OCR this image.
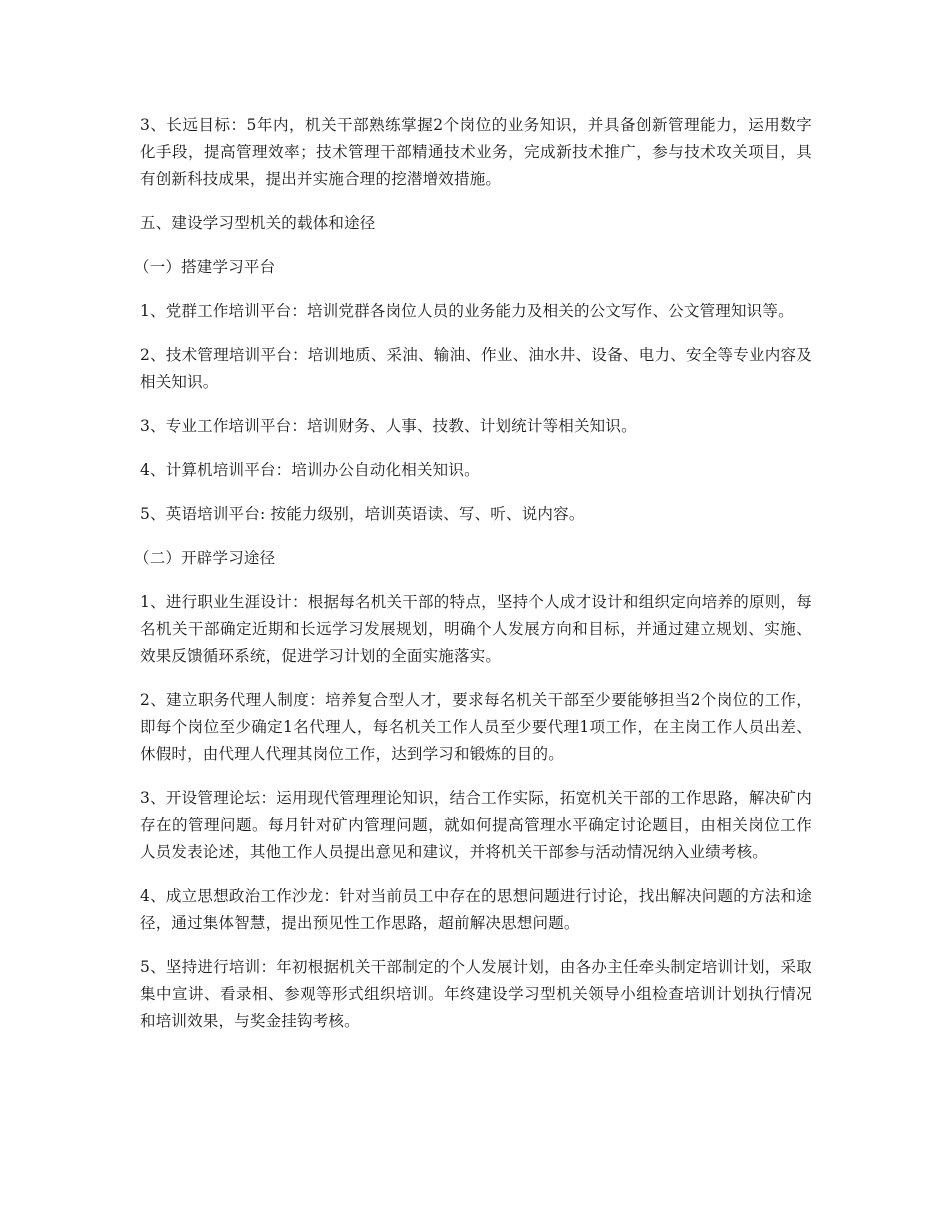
3、长远目标：5年内，机关干部熟练掌握2个岗位的业务知识，并具备创新管理能力，运用数字化手段，提高管理效率；技术管理干部精通技术业务，完成新技术推广，参与技术攻关项目，具有创新科技成果，提出并实施合理的挖潜增效措施。

五、建设学习型机关的载体和途径

（一）搭建学习平台

1、党群工作培训平台：培训党群各岗位人员的业务能力及相关的公文写作、公文管理知识等。

2、技术管理培训平台：培训地质、采油、输油、作业、油水井、设备、电力、安全等专业内容及相关知识。

3、专业工作培训平台：培训财务、人事、技教、计划统计等相关知识。

4、计算机培训平台：培训办公自动化相关知识。

5、英语培训平台: 按能力级别，培训英语读、写、听、说内容。

（二）开辟学习途径

1、进行职业生涯设计：根据每名机关干部的特点，坚持个人成才设计和组织定向培养的原则，每名机关干部确定近期和长远学习发展规划，明确个人发展方向和目标，并通过建立规划、实施、效果反馈循环系统，促进学习计划的全面实施落实。

2、建立职务代理人制度：培养复合型人才，要求每名机关干部至少要能够担当2个岗位的工作，即每个岗位至少确定1名代理人，每名机关工作人员至少要代理1项工作，在主岗工作人员出差、休假时，由代理人代理其岗位工作，达到学习和锻炼的目的。

3、开设管理论坛：运用现代管理理论知识，结合工作实际，拓宽机关干部的工作思路，解决矿内存在的管理问题。每月针对矿内管理问题，就如何提高管理水平确定讨论题目，由相关岗位工作人员发表论述，其他工作人员提出意见和建议，并将机关干部参与活动情况纳入业绩考核。

4、成立思想政治工作沙龙：针对当前员工中存在的思想问题进行讨论，找出解决问题的方法和途径，通过集体智慧，提出预见性工作思路，超前解决思想问题。

5、坚持进行培训：年初根据机关干部制定的个人发展计划，由各办主任牵头制定培训计划，采取集中宣讲、看录相、参观等形式组织培训。年终建设学习型机关领导小组检查培训计划执行情况和培训效果，与奖金挂钩考核。
